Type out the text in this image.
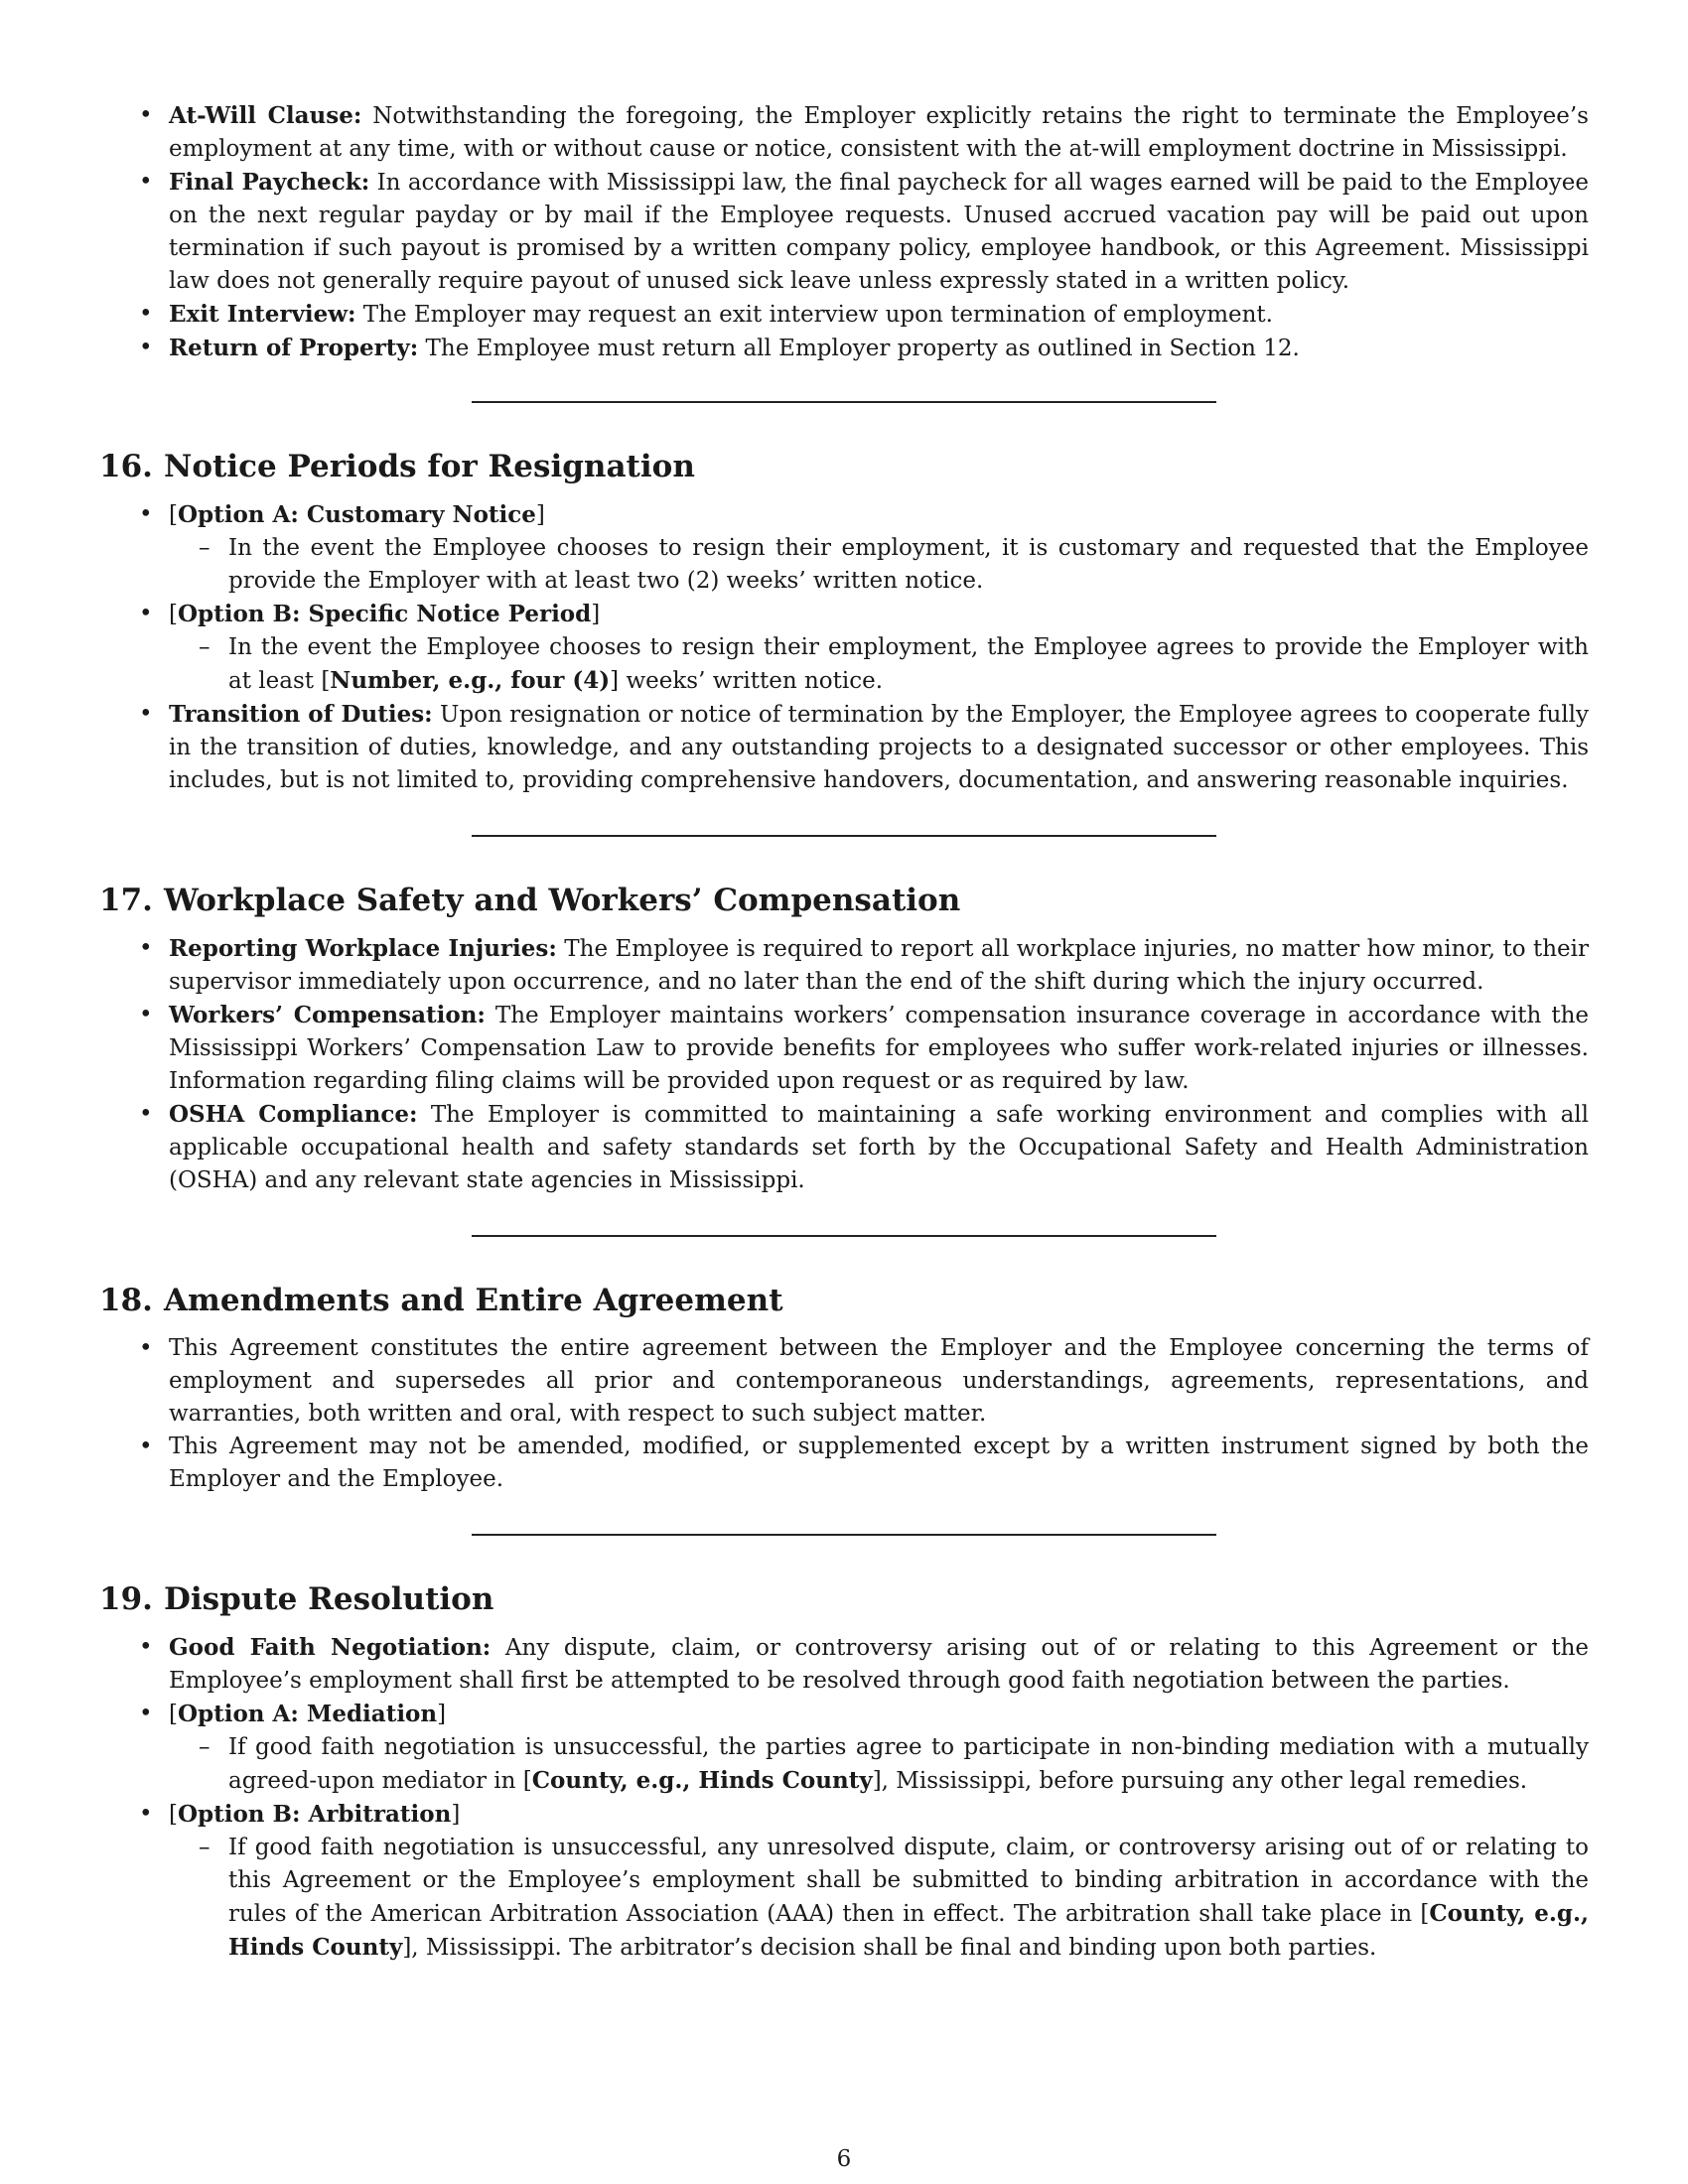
• At-Will Clause: Notwithstanding the foregoing, the Employer explicitly retains the right to terminate the Employee’s employment at any time, with or without cause or notice, consistent with the at-will employment doctrine in Mississippi.
• Final Paycheck: In accordance with Mississippi law, the final paycheck for all wages earned will be paid to the Employee on the next regular payday or by mail if the Employee requests. Unused accrued vacation pay will be paid out upon termination if such payout is promised by a written company policy, employee handbook, or this Agreement. Mississippi law does not generally require payout of unused sick leave unless expressly stated in a written policy.
• Exit Interview: The Employer may request an exit interview upon termination of employment.
• Return of Property: The Employee must return all Employer property as outlined in Section 12.
16. Notice Periods for Resignation
• [Option A: Customary Notice]
– In the event the Employee chooses to resign their employment, it is customary and requested that the Employee provide the Employer with at least two (2) weeks’ written notice.
• [Option B: Specific Notice Period]
– In the event the Employee chooses to resign their employment, the Employee agrees to provide the Employer with at least [Number, e.g., four (4)] weeks’ written notice.
• Transition of Duties: Upon resignation or notice of termination by the Employer, the Employee agrees to cooperate fully in the transition of duties, knowledge, and any outstanding projects to a designated successor or other employees. This includes, but is not limited to, providing comprehensive handovers, documentation, and answering reasonable inquiries.
17. Workplace Safety and Workers’ Compensation
• Reporting Workplace Injuries: The Employee is required to report all workplace injuries, no matter how minor, to their supervisor immediately upon occurrence, and no later than the end of the shift during which the injury occurred.
• Workers’ Compensation: The Employer maintains workers’ compensation insurance coverage in accordance with the Mississippi Workers’ Compensation Law to provide benefits for employees who suffer work-related injuries or illnesses. Information regarding filing claims will be provided upon request or as required by law.
• OSHA Compliance: The Employer is committed to maintaining a safe working environment and complies with all applicable occupational health and safety standards set forth by the Occupational Safety and Health Administration (OSHA) and any relevant state agencies in Mississippi.
18. Amendments and Entire Agreement
• This Agreement constitutes the entire agreement between the Employer and the Employee concerning the terms of employment and supersedes all prior and contemporaneous understandings, agreements, representations, and warranties, both written and oral, with respect to such subject matter.
• This Agreement may not be amended, modified, or supplemented except by a written instrument signed by both the Employer and the Employee.
19. Dispute Resolution
• Good Faith Negotiation: Any dispute, claim, or controversy arising out of or relating to this Agreement or the Employee’s employment shall first be attempted to be resolved through good faith negotiation between the parties.
• [Option A: Mediation]
– If good faith negotiation is unsuccessful, the parties agree to participate in non-binding mediation with a mutually agreed-upon mediator in [County, e.g., Hinds County], Mississippi, before pursuing any other legal remedies.
• [Option B: Arbitration]
– If good faith negotiation is unsuccessful, any unresolved dispute, claim, or controversy arising out of or relating to this Agreement or the Employee’s employment shall be submitted to binding arbitration in accordance with the rules of the American Arbitration Association (AAA) then in effect. The arbitration shall take place in [County, e.g., Hinds County], Mississippi. The arbitrator’s decision shall be final and binding upon both parties.
6
